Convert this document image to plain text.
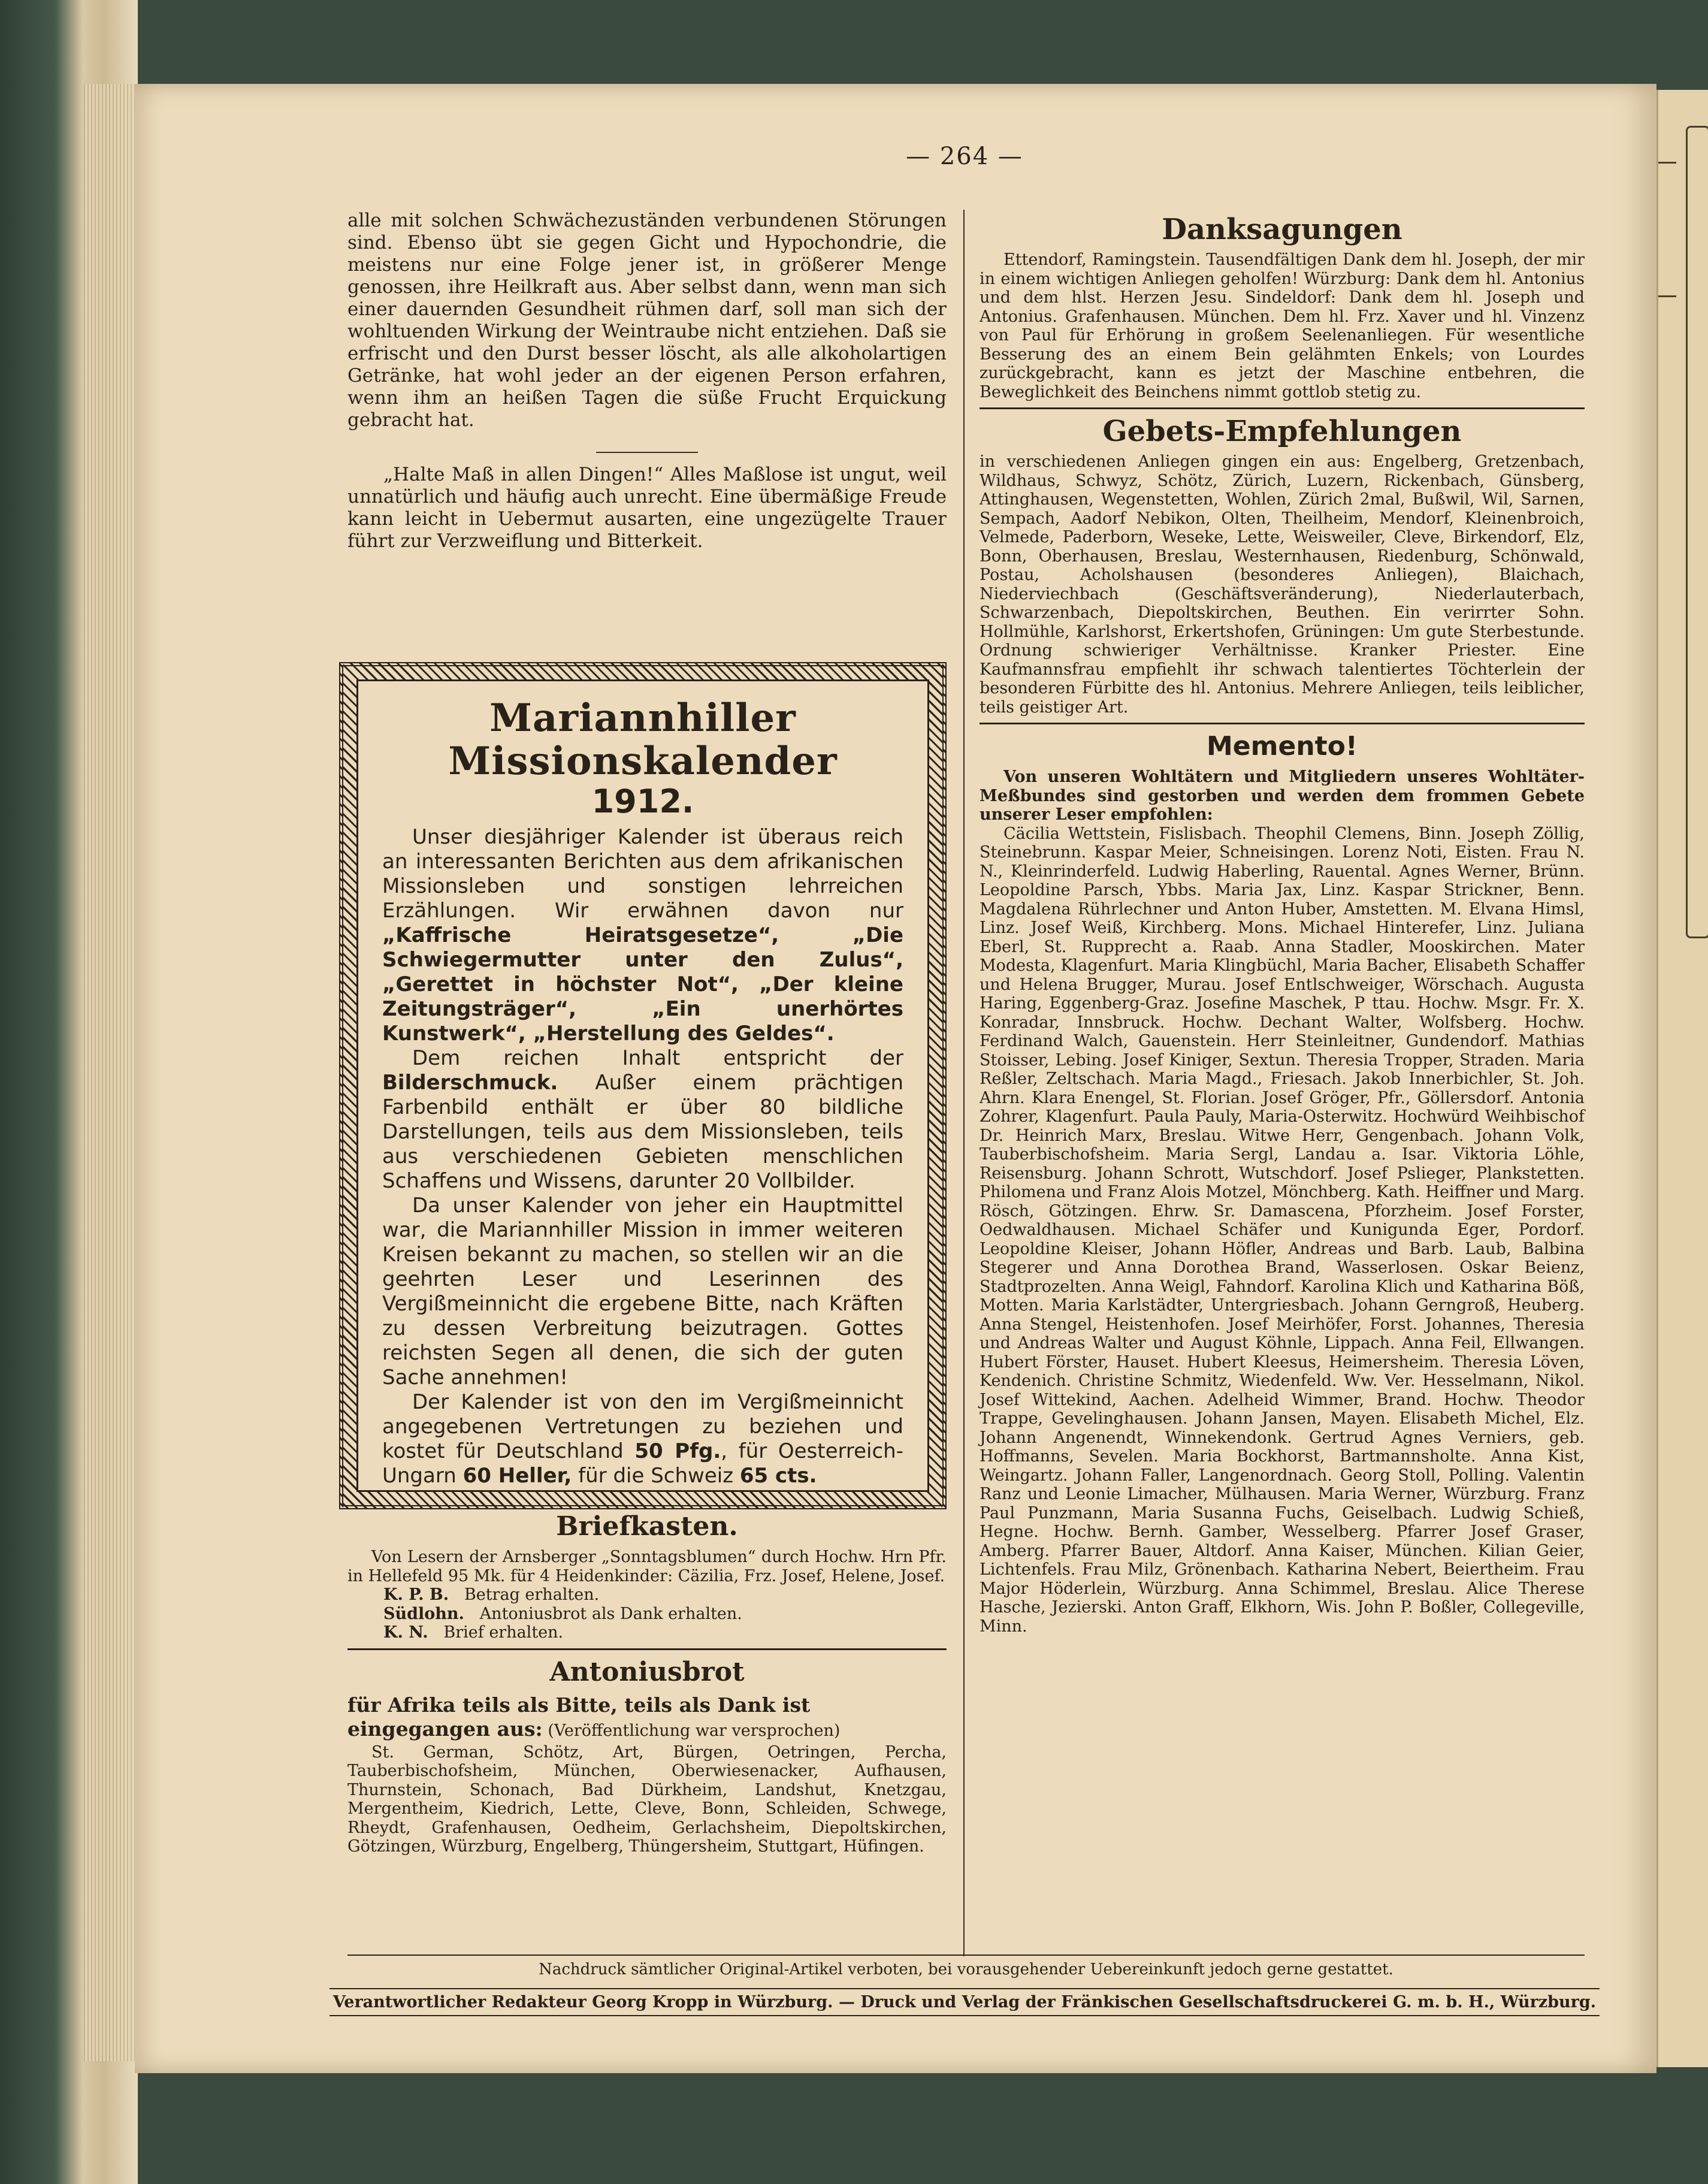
— 264 —

alle mit solchen Schwächezuständen verbundenen Störungen sind. Ebenso übt sie gegen Gicht und Hypochondrie, die meistens nur eine Folge jener ist, in größerer Menge genossen, ihre Heilkraft aus. Aber selbst dann, wenn man sich einer dauernden Gesundheit rühmen darf, soll man sich der wohltuenden Wirkung der Weintraube nicht entziehen. Daß sie erfrischt und den Durst besser löscht, als alle alkoholartigen Getränke, hat wohl jeder an der eigenen Person erfahren, wenn ihm an heißen Tagen die süße Frucht Erquickung gebracht hat.

„Halte Maß in allen Dingen!“ Alles Maßlose ist ungut, weil unnatürlich und häufig auch unrecht. Eine übermäßige Freude kann leicht in Uebermut ausarten, eine ungezügelte Trauer führt zur Verzweiflung und Bitterkeit.

Mariannhiller Missionskalender
1912.

Unser diesjähriger Kalender ist überaus reich an interessanten Berichten aus dem afrikanischen Missionsleben und sonstigen lehrreichen Erzählungen. Wir erwähnen davon nur „Kaffrische Heiratsgesetze“, „Die Schwiegermutter unter den Zulus“, „Gerettet in höchster Not“, „Der kleine Zeitungsträger“, „Ein unerhörtes Kunstwerk“, „Herstellung des Geldes“.

Dem reichen Inhalt entspricht der Bilderschmuck. Außer einem prächtigen Farbenbild enthält er über 80 bildliche Darstellungen, teils aus dem Missionsleben, teils aus verschiedenen Gebieten menschlichen Schaffens und Wissens, darunter 20 Vollbilder.

Da unser Kalender von jeher ein Hauptmittel war, die Mariannhiller Mission in immer weiteren Kreisen bekannt zu machen, so stellen wir an die geehrten Leser und Leserinnen des Vergißmeinnicht die ergebene Bitte, nach Kräften zu dessen Verbreitung beizutragen. Gottes reichsten Segen all denen, die sich der guten Sache annehmen!

Der Kalender ist von den im Vergißmeinnicht angegebenen Vertretungen zu beziehen und kostet für Deutschland 50 Pfg., für Oesterreich-Ungarn 60 Heller, für die Schweiz 65 cts.

Briefkasten.
Von Lesern der Arnsberger „Sonntagsblumen“ durch Hochw. Hrn Pfr. in Hellefeld 95 Mk. für 4 Heidenkinder: Cäzilia, Frz. Josef, Helene, Josef.
K. P. B. Betrag erhalten.
Südlohn. Antoniusbrot als Dank erhalten.
K. N. Brief erhalten.
Antoniusbrot
für Afrika teils als Bitte, teils als Dank ist eingegangen aus: (Veröffentlichung war versprochen)
St. German, Schötz, Art, Bürgen, Oetringen, Percha, Tauberbischofsheim, München, Oberwiesenacker, Aufhausen, Thurnstein, Schonach, Bad Dürkheim, Landshut, Knetzgau, Mergentheim, Kiedrich, Lette, Cleve, Bonn, Schleiden, Schwege, Rheydt, Grafenhausen, Oedheim, Gerlachsheim, Diepoltskirchen, Götzingen, Würzburg, Engelberg, Thüngersheim, Stuttgart, Hüfingen.
Danksagungen
Ettendorf, Ramingstein. Tausendfältigen Dank dem hl. Joseph, der mir in einem wichtigen Anliegen geholfen! Würzburg: Dank dem hl. Antonius und dem hlst. Herzen Jesu. Sindeldorf: Dank dem hl. Joseph und Antonius. Grafenhausen. München. Dem hl. Frz. Xaver und hl. Vinzenz von Paul für Erhörung in großem Seelenanliegen. Für wesentliche Besserung des an einem Bein gelähmten Enkels; von Lourdes zurückgebracht, kann es jetzt der Maschine entbehren, die Beweglichkeit des Beinchens nimmt gottlob stetig zu.
Gebets-Empfehlungen
in verschiedenen Anliegen gingen ein aus: Engelberg, Gretzenbach, Wildhaus, Schwyz, Schötz, Zürich, Luzern, Rickenbach, Günsberg, Attinghausen, Wegenstetten, Wohlen, Zürich 2mal, Bußwil, Wil, Sarnen, Sempach, Aadorf Nebikon, Olten, Theilheim, Mendorf, Kleinenbroich, Velmede, Paderborn, Weseke, Lette, Weisweiler, Cleve, Birkendorf, Elz, Bonn, Oberhausen, Breslau, Westernhausen, Riedenburg, Schönwald, Postau, Acholshausen (besonderes Anliegen), Blaichach, Niederviechbach (Geschäftsveränderung), Niederlauterbach, Schwarzenbach, Diepoltskirchen, Beuthen. Ein verirrter Sohn. Hollmühle, Karlshorst, Erkertshofen, Grüningen: Um gute Sterbestunde. Ordnung schwieriger Verhältnisse. Kranker Priester. Eine Kaufmannsfrau empfiehlt ihr schwach talentiertes Töchterlein der besonderen Fürbitte des hl. Antonius. Mehrere Anliegen, teils leiblicher, teils geistiger Art.
Memento!
Von unseren Wohltätern und Mitgliedern unseres Wohltäter-Meßbundes sind gestorben und werden dem frommen Gebete unserer Leser empfohlen:
Cäcilia Wettstein, Fislisbach. Theophil Clemens, Binn. Joseph Zöllig, Steinebrunn. Kaspar Meier, Schneisingen. Lorenz Noti, Eisten. Frau N. N., Kleinrinderfeld. Ludwig Haberling, Rauental. Agnes Werner, Brünn. Leopoldine Parsch, Ybbs. Maria Jax, Linz. Kaspar Strickner, Benn. Magdalena Rührlechner und Anton Huber, Amstetten. M. Elvana Himsl, Linz. Josef Weiß, Kirchberg. Mons. Michael Hinterefer, Linz. Juliana Eberl, St. Rupprecht a. Raab. Anna Stadler, Mooskirchen. Mater Modesta, Klagenfurt. Maria Klingbüchl, Maria Bacher, Elisabeth Schaffer und Helena Brugger, Murau. Josef Entlschweiger, Wörschach. Augusta Haring, Eggenberg-Graz. Josefine Maschek, P ttau. Hochw. Msgr. Fr. X. Konradar, Innsbruck. Hochw. Dechant Walter, Wolfsberg. Hochw. Ferdinand Walch, Gauenstein. Herr Steinleitner, Gundendorf. Mathias Stoisser, Lebing. Josef Kiniger, Sextun. Theresia Tropper, Straden. Maria Reßler, Zeltschach. Maria Magd., Friesach. Jakob Innerbichler, St. Joh. Ahrn. Klara Enengel, St. Florian. Josef Gröger, Pfr., Göllersdorf. Antonia Zohrer, Klagenfurt. Paula Pauly, Maria-Osterwitz. Hochwürd Weihbischof Dr. Heinrich Marx, Breslau. Witwe Herr, Gengenbach. Johann Volk, Tauberbischofsheim. Maria Sergl, Landau a. Isar. Viktoria Löhle, Reisensburg. Johann Schrott, Wutschdorf. Josef Pslieger, Plankstetten. Philomena und Franz Alois Motzel, Mönchberg. Kath. Heiffner und Marg. Rösch, Götzingen. Ehrw. Sr. Damascena, Pforzheim. Josef Forster, Oedwaldhausen. Michael Schäfer und Kunigunda Eger, Pordorf. Leopoldine Kleiser, Johann Höfler, Andreas und Barb. Laub, Balbina Stegerer und Anna Dorothea Brand, Wasserlosen. Oskar Beienz, Stadtprozelten. Anna Weigl, Fahndorf. Karolina Klich und Katharina Böß, Motten. Maria Karlstädter, Untergriesbach. Johann Gerngroß, Heuberg. Anna Stengel, Heistenhofen. Josef Meirhöfer, Forst. Johannes, Theresia und Andreas Walter und August Köhnle, Lippach. Anna Feil, Ellwangen. Hubert Förster, Hauset. Hubert Kleesus, Heimersheim. Theresia Löven, Kendenich. Christine Schmitz, Wiedenfeld. Ww. Ver. Hesselmann, Nikol. Josef Wittekind, Aachen. Adelheid Wimmer, Brand. Hochw. Theodor Trappe, Gevelinghausen. Johann Jansen, Mayen. Elisabeth Michel, Elz. Johann Angenendt, Winnekendonk. Gertrud Agnes Verniers, geb. Hoffmanns, Sevelen. Maria Bockhorst, Bartmannsholte. Anna Kist, Weingartz. Johann Faller, Langenordnach. Georg Stoll, Polling. Valentin Ranz und Leonie Limacher, Mülhausen. Maria Werner, Würzburg. Franz Paul Punzmann, Maria Susanna Fuchs, Geiselbach. Ludwig Schieß, Hegne. Hochw. Bernh. Gamber, Wesselberg. Pfarrer Josef Graser, Amberg. Pfarrer Bauer, Altdorf. Anna Kaiser, München. Kilian Geier, Lichtenfels. Frau Milz, Grönenbach. Katharina Nebert, Beiertheim. Frau Major Höderlein, Würzburg. Anna Schimmel, Breslau. Alice Therese Hasche, Jezierski. Anton Graff, Elkhorn, Wis. John P. Boßler, Collegeville, Minn.
Nachdruck sämtlicher Original-Artikel verboten, bei vorausgehender Uebereinkunft jedoch gerne gestattet.
Verantwortlicher Redakteur Georg Kropp in Würzburg. — Druck und Verlag der Fränkischen Gesellschaftsdruckerei G. m. b. H., Würzburg.
